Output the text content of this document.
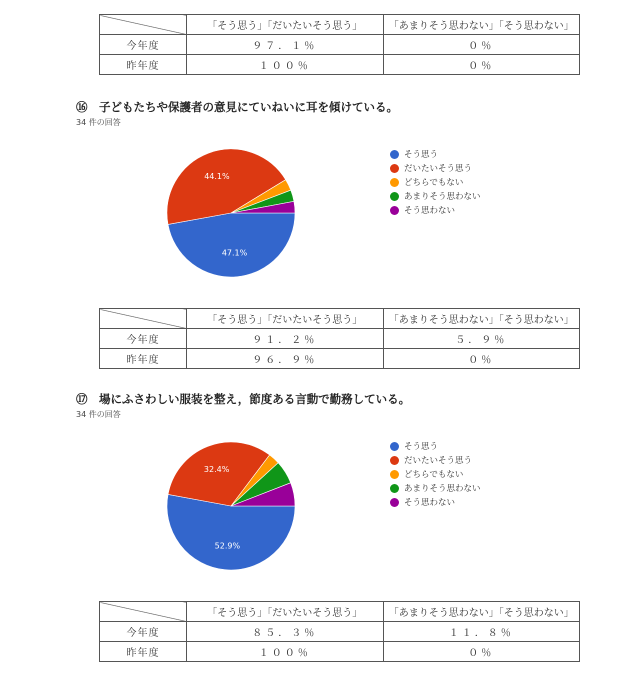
	「そう思う」「だいたいそう思う」	「あまりそう思わない」「そう思わない」
今年度	９７．１％	０％
昨年度	１００％	０％
⑯　子どもたちや保護者の意見にていねいに耳を傾けている。
34 件の回答
47.1%
44.1%
そう思う
だいたいそう思う
どちらでもない
あまりそう思わない
そう思わない
	「そう思う」「だいたいそう思う」	「あまりそう思わない」「そう思わない」
今年度	９１．２％	５．９％
昨年度	９６．９％	０％
⑰　場にふさわしい服装を整え，節度ある言動で勤務している。
34 件の回答
52.9%
32.4%
そう思う
だいたいそう思う
どちらでもない
あまりそう思わない
そう思わない
	「そう思う」「だいたいそう思う」	「あまりそう思わない」「そう思わない」
今年度	８５．３％	１１．８％
昨年度	１００％	０％
